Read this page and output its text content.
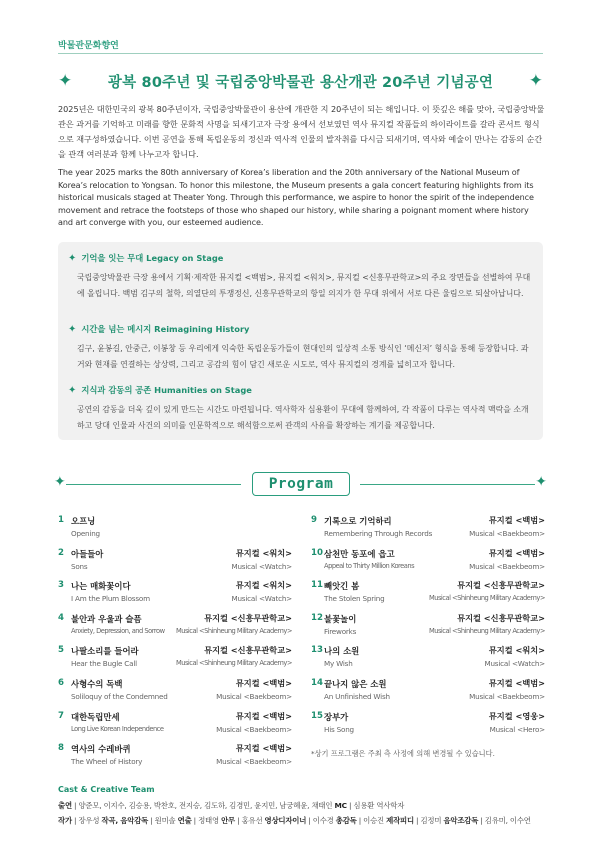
박물관문화향연
✦ 광복 80주년 및 국립중앙박물관 용산개관 20주년 기념공연 ✦

2025년은 대한민국의 광복 80주년이자, 국립중앙박물관이 용산에 개관한 지 20주년이 되는 해입니다. 이 뜻깊은 해를 맞아, 국립중앙박물관은 과거를 기억하고 미래를 향한 문화적 사명을 되새기고자 극장 용에서 선보였던 역사 뮤지컬 작품들의 하이라이트를 갈라 콘서트 형식으로 재구성하였습니다. 이번 공연을 통해 독립운동의 정신과 역사적 인물의 발자취를 다시금 되새기며, 역사와 예술이 만나는 감동의 순간을 관객 여러분과 함께 나누고자 합니다.

The year 2025 marks the 80th anniversary of Korea’s liberation and the 20th anniversary of the National Museum of Korea’s relocation to Yongsan. To honor this milestone, the Museum presents a gala concert featuring highlights from its historical musicals staged at Theater Yong. Through this performance, we aspire to honor the spirit of the independence movement and retrace the footsteps of those who shaped our history, while sharing a poignant moment where history and art converge with you, our esteemed audience.

✦ 기억을 잇는 무대 Legacy on Stage
국립중앙박물관 극장 용에서 기획·제작한 뮤지컬 <백범>, 뮤지컬 <워치>, 뮤지컬 <신흥무관학교>의 주요 장면들을 선별하여 무대에 올립니다. 백범 김구의 철학, 의열단의 투쟁정신, 신흥무관학교의 항일 의지가 한 무대 위에서 서로 다른 울림으로 되살아납니다.
✦ 시간을 넘는 메시지 Reimagining History
김구, 윤봉길, 안중근, 이봉창 등 우리에게 익숙한 독립운동가들이 현대인의 일상적 소통 방식인 ‘메신저’ 형식을 통해 등장합니다. 과거와 현재를 연결하는 상상력, 그리고 공감의 힘이 담긴 새로운 시도로, 역사 뮤지컬의 경계를 넓히고자 합니다.
✦ 지식과 감동의 공존 Humanities on Stage
공연의 감동을 더욱 깊이 있게 만드는 시간도 마련됩니다. 역사학자 심용환이 무대에 함께하여, 각 작품이 다루는 역사적 맥락을 소개하고 당대 인물과 사건의 의미를 인문학적으로 해석함으로써 관객의 사유를 확장하는 계기를 제공합니다.
✦	Program	✦
1 오프닝
Opening
2 아들들아
Sons
뮤지컬 <워치>
Musical <Watch>
3 나는 매화꽃이다
I Am the Plum Blossom
뮤지컬 <워치>
Musical <Watch>
4 불안과 우울과 슬픔
Anxiety, Depression, and Sorrow
뮤지컬 <신흥무관학교>
Musical <Shinheung Military Academy>
5 나팔소리를 들어라
Hear the Bugle Call
뮤지컬 <신흥무관학교>
Musical <Shinheung Military Academy>
6 사형수의 독백
Soliloquy of the Condemned
뮤지컬 <백범>
Musical <Baekbeom>
7 대한독립만세
Long Live Korean Independence
뮤지컬 <백범>
Musical <Baekbeom>
8 역사의 수레바퀴
The Wheel of History
뮤지컬 <백범>
Musical <Baekbeom>
9 기록으로 기억하리
Remembering Through Records
뮤지컬 <백범>
Musical <Baekbeom>
10 삼천만 동포에 읍고
Appeal to Thirty Million Koreans
뮤지컬 <백범>
Musical <Baekbeom>
11 빼앗긴 봄
The Stolen Spring
뮤지컬 <신흥무관학교>
Musical <Shinheung Military Academy>
12 불꽃놀이
Fireworks
뮤지컬 <신흥무관학교>
Musical <Shinheung Military Academy>
13 나의 소원
My Wish
뮤지컬 <워치>
Musical <Watch>
14 끝나지 않은 소원
An Unfinished Wish
뮤지컬 <백범>
Musical <Baekbeom>
15 장부가
His Song
뮤지컬 <영웅>
Musical <Hero>
*상기 프로그램은 주최 측 사정에 의해 변경될 수 있습니다.
Cast & Creative Team
출연 | 양준모, 이지수, 김승용, 박찬호, 전지승, 김도하, 김경민, 윤지민, 남궁혜윤, 채태인 MC | 심용환 역사학자
작가 | 장우성 작곡, 음악감독 | 원미솔 연출 | 정태영 안무 | 홍유선 영상디자이너 | 이수경 총감독 | 이승진 제작피디 | 김정미 음악조감독 | 김유미, 이수연
